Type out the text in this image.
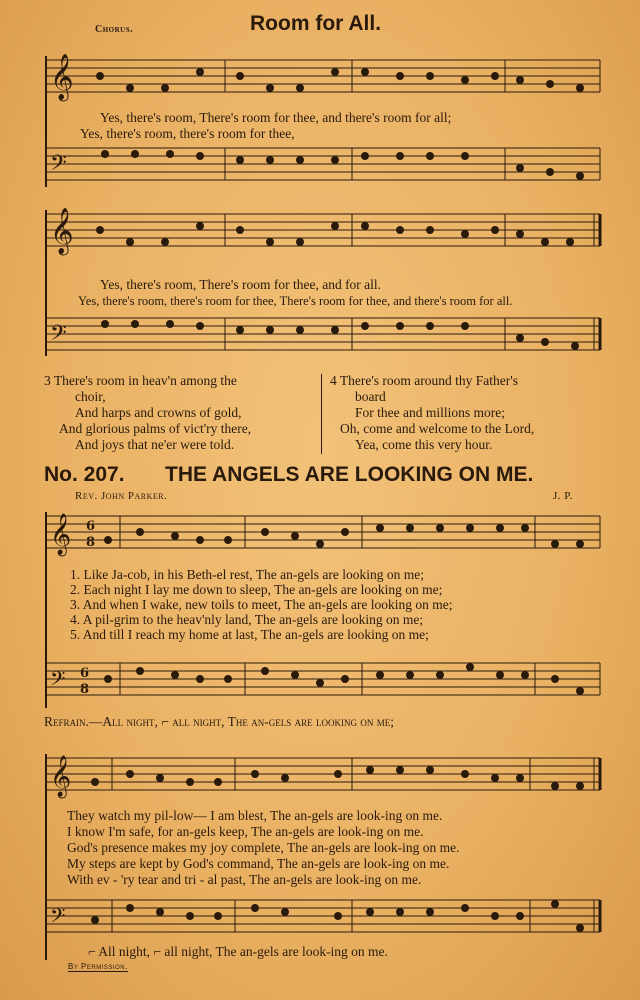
Chorus.	Room for All.
𝄞
Yes, there's room, There's room for thee, and there's room for all;
Yes, there's room, there's room for thee,
𝄢
𝄞
Yes, there's room, There's room for thee, and for all.
Yes, there's room, there's room for thee, There's room for thee, and there's room for all.
𝄢
3 There's room in heav'n among the
choir,
And harps and crowns of gold,
And glorious palms of vict'ry there,
And joys that ne'er were told.
4 There's room around thy Father's
board
For thee and millions more;
Oh, come and welcome to the Lord,
Yea, come this very hour.
No. 207. THE ANGELS ARE LOOKING ON ME.
Rev. John Parker.	J. P.
𝄞 6
8
1. Like Ja-cob, in his Beth-el rest, The an-gels are looking on me;
2. Each night I lay me down to sleep, The an-gels are looking on me;
3. And when I wake, new toils to meet, The an-gels are looking on me;
4. A pil-grim to the heav'nly land, The an-gels are looking on me;
5. And till I reach my home at last, The an-gels are looking on me;
𝄢 6
8
Refrain.—All night, ⌐ all night, The an-gels are looking on me;
𝄞
They watch my pil-low— I am blest, The an-gels are look-ing on me.
I know I'm safe, for an-gels keep, The an-gels are look-ing on me.
God's presence makes my joy complete, The an-gels are look-ing on me.
My steps are kept by God's command, The an-gels are look-ing on me.
With ev - 'ry tear and tri - al past, The an-gels are look-ing on me.
𝄢
⌐ All night, ⌐ all night, The an-gels are look-ing on me.
By Permission.
